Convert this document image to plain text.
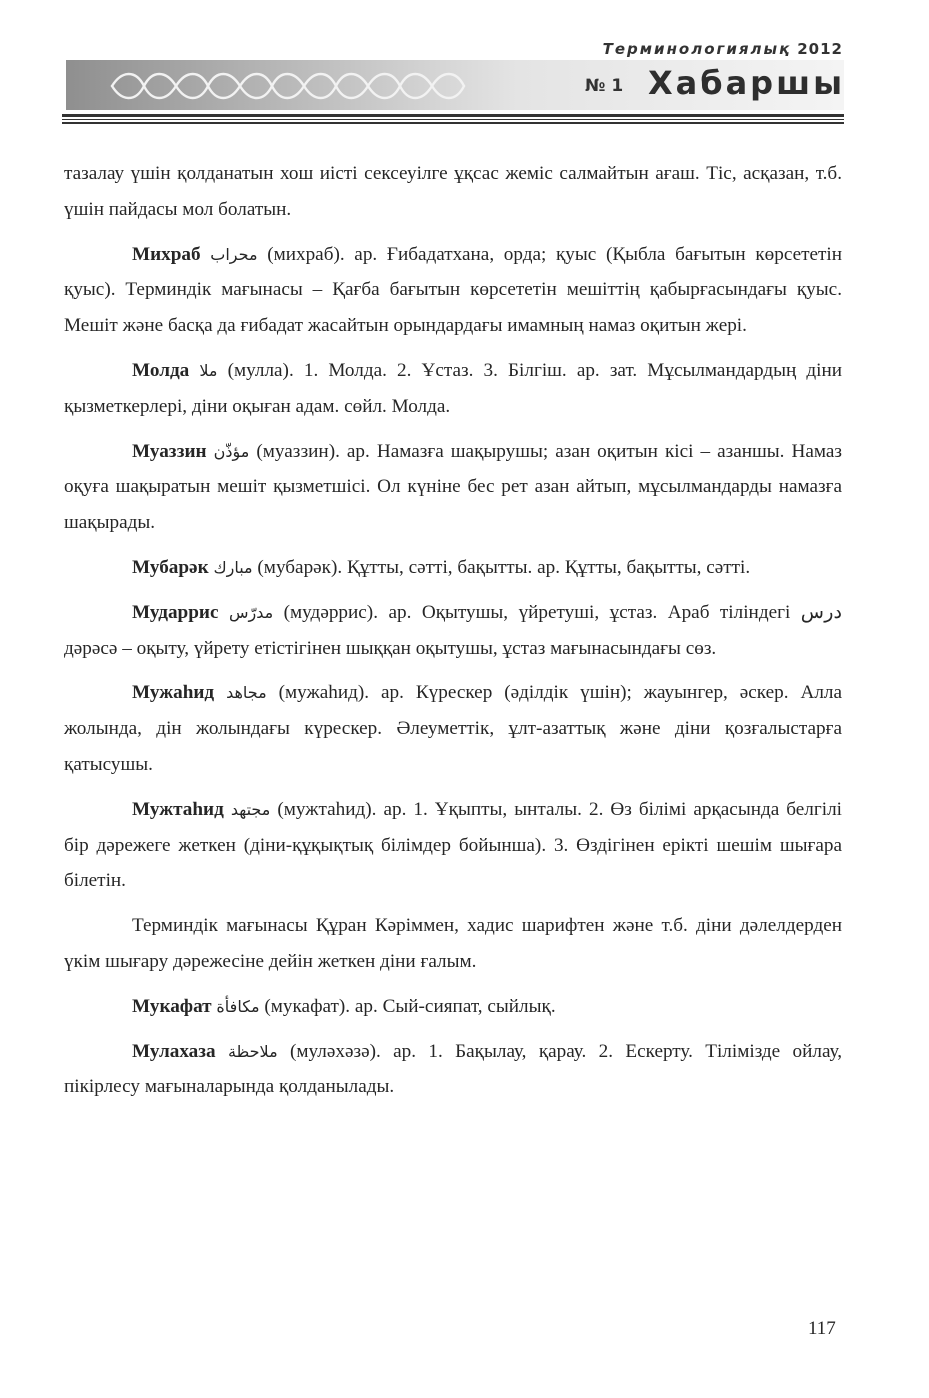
Терминологиялық 2012
№ 1 Хабаршы

тазалау үшін қолданатын хош иісті сексеуілге ұқсас жеміс салмайтын ағаш. Тіс, асқазан, т.б. үшін пайдасы мол болатын.

Михраб محراب (михраб). ар. Ғибадатхана, орда; қуыс (Қыбла бағытын көрсететін қуыс). Терминдік мағынасы – Қағба бағытын көрсететін мешіттің қабырғасындағы қуыс. Мешіт және басқа да ғибадат жасайтын орындардағы имамның намаз оқитын жері.

Молда ملا (мулла). 1. Молда. 2. Ұстаз. 3. Білгіш. ар. зат. Мұсылмандардың діни қызметкерлері, діни оқыған адам. сөйл. Молда.

Муаззин مؤذّن (муаззин). ар. Намазға шақырушы; азан оқитын кісі – азаншы. Намаз оқуға шақыратын мешіт қызметшісі. Ол күніне бес рет азан айтып, мұсылмандарды намазға шақырады.

Мубарәк مبارك (мубарәк). Құтты, сәтті, бақытты. ар. Құтты, бақытты, сәтті.

Мударрис مدرّس (мудәррис). ар. Оқытушы, үйретуші, ұстаз. Араб тіліндегі درس дәрәсә – оқыту, үйрету етістігінен шыққан оқытушы, ұстаз мағынасындағы сөз.

Мужаһид مجاهد (мужаһид). ар. Күрескер (әділдік үшін); жауынгер, әскер. Алла жолында, дін жолындағы күрескер. Әлеуметтік, ұлт-азаттық және діни қозғалыстарға қатысушы.

Мужтаһид مجتهد (мужтаһид). ар. 1. Ұқыпты, ынталы. 2. Өз білімі арқасында белгілі бір дәрежеге жеткен (діни-құқықтық білімдер бойынша). 3. Өздігінен ерікті шешім шығара білетін.

Терминдік мағынасы Құран Кәріммен, хадис шарифтен және т.б. діни дәлелдерден үкім шығару дәрежесіне дейін жеткен діни ғалым.

Мукафат مكافأة (мукафат). ар. Сый-сияпат, сыйлық.

Мулахаза ملاحظة (муләхәзә). ар. 1. Бақылау, қарау. 2. Ескерту. Тілімізде ойлау, пікірлесу мағыналарында қолданылады.

117
